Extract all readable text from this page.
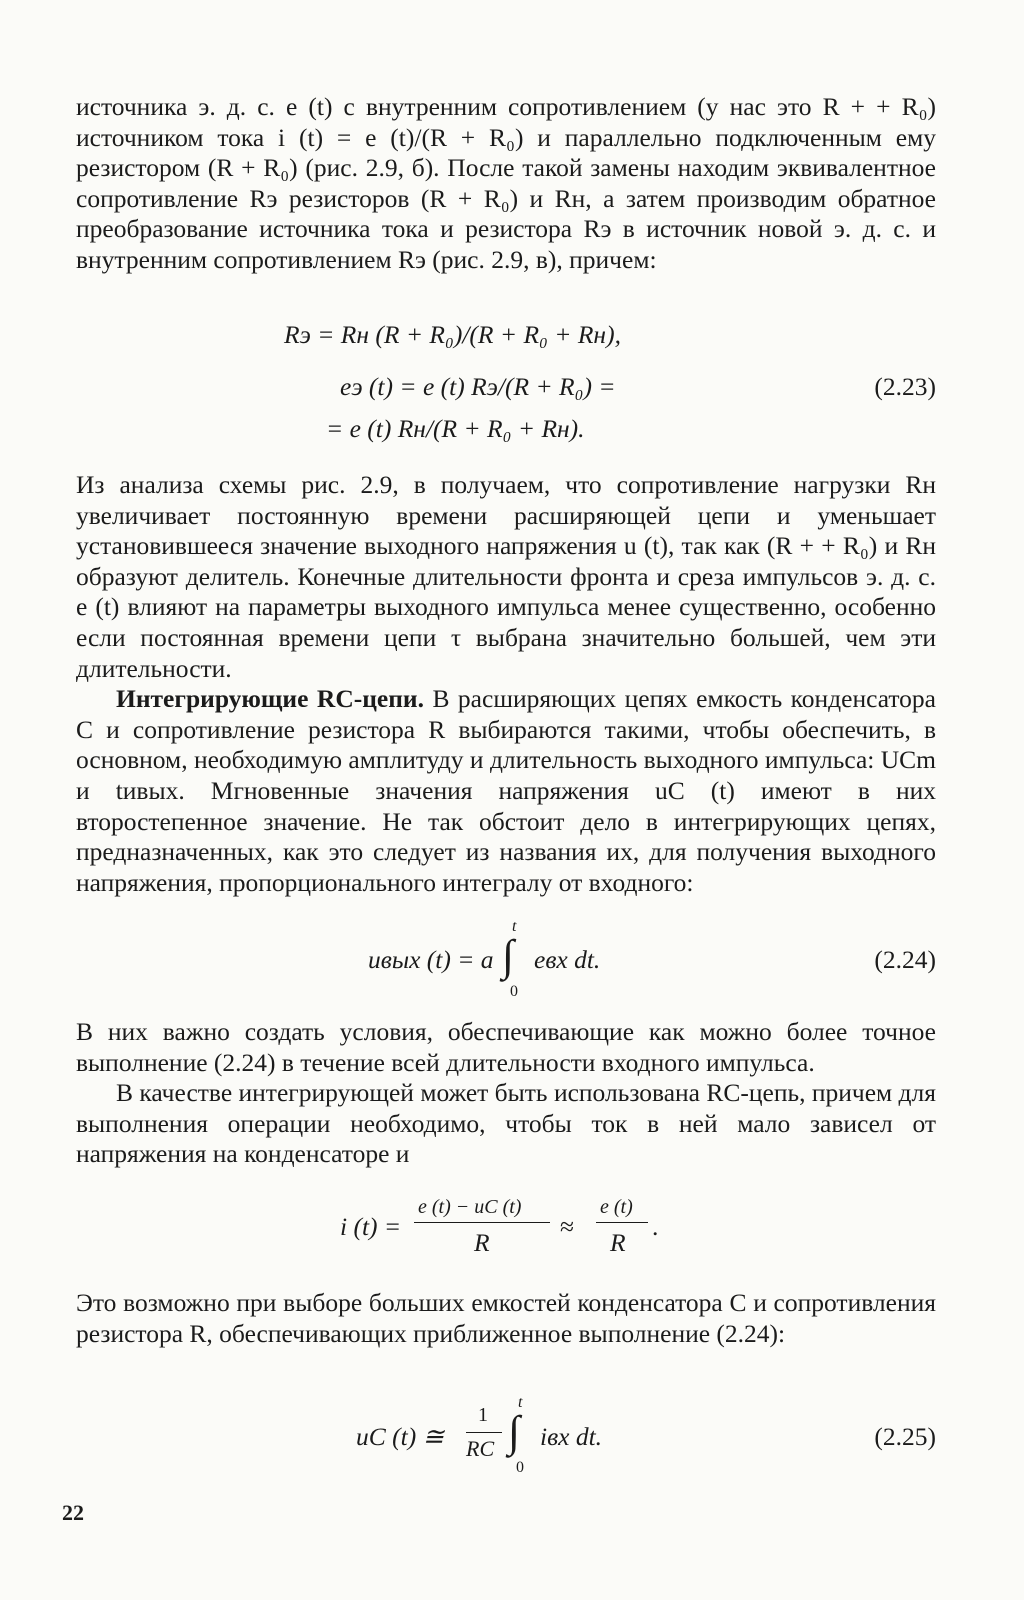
источника э. д. с. e (t) с внутренним сопротивлением (у нас это R + + R₀) источником тока i (t) = e (t)/(R + R₀) и параллельно подключенным ему резистором (R + R₀) (рис. 2.9, б). После такой замены находим эквивалентное сопротивление Rэ резисторов (R + R₀) и Rн, а затем производим обратное преобразование источника тока и резистора Rэ в источник новой э. д. с. и внутренним сопротивлением Rэ (рис. 2.9, в), причем:

Rэ = Rн (R + R₀)/(R + R₀ + Rн),
eэ (t) = e (t) Rэ/(R + R₀) =	(2.23)
= e (t) Rн/(R + R₀ + Rн).

Из анализа схемы рис. 2.9, в получаем, что сопротивление нагрузки Rн увеличивает постоянную времени расширяющей цепи и уменьшает установившееся значение выходного напряжения u (t), так как (R + + R₀) и Rн образуют делитель. Конечные длительности фронта и среза импульсов э. д. с. e (t) влияют на параметры выходного импульса менее существенно, особенно если постоянная времени цепи τ выбрана значительно большей, чем эти длительности.

Интегрирующие RC-цепи. В расширяющих цепях емкость конденсатора C и сопротивление резистора R выбираются такими, чтобы обеспечить, в основном, необходимую амплитуду и длительность выходного импульса: UCm и tивых. Мгновенные значения напряжения uC (t) имеют в них второстепенное значение. Не так обстоит дело в интегрирующих цепях, предназначенных, как это следует из названия их, для получения выходного напряжения, пропорционального интегралу от входного:

uвых (t) = a
t
∫
0
eвх dt.	(2.24)

В них важно создать условия, обеспечивающие как можно более точное выполнение (2.24) в течение всей длительности входного импульса.

В качестве интегрирующей может быть использована RC-цепь, причем для выполнения операции необходимо, чтобы ток в ней мало зависел от напряжения на конденсаторе и

i (t) =
e (t) − uC (t)
R
≈
e (t)
R
.

Это возможно при выборе больших емкостей конденсатора C и сопротивления резистора R, обеспечивающих приближенное выполнение (2.24):

uC (t) ≅
1
RC
t
∫
0
iвх dt.	(2.25)
22
